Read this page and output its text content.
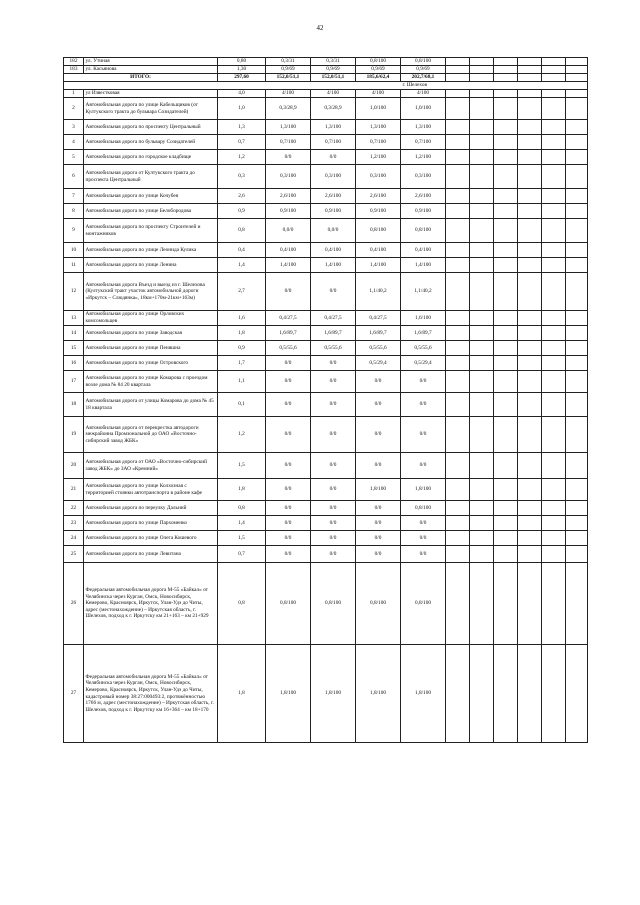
42
182	ул. Утиная	0,80	0,3/31	0,3/31	0,8/100	0,8/100						
183	ул. Касьянова	1,30	0,9/69	0,9/69	0,9/69	0,9/69						
ИТОГО:		297,60	152,0/51,1	152,0/51,1	185,6/62,4	202,7/68,1						
г. Шелехов												
1	ул Известковая	4,0	4/100	4/100	4/100	4/100						
2	Автомобильная дорога по улице Кабельщиков (от Култукского тракта до бульвара Созидателей)	1,0	0,3/28,9	0,3/28,9	1,0/100	1,0/100						
3	Автомобильная дорога по проспекту Центральный	1,3	1,3/100	1,3/100	1,3/100	1,3/100						
4	Автомобильная дорога по бульвару Созидателей	0,7	0,7/100	0,7/100	0,7/100	0,7/100						
5	Автомобильная дорога по городское кладбище	1,2	0/0	0/0	1,2/100	1,2/100						
6	Автомобильная дорога от Култукского тракта до проспекта Центральный	0,3	0,3/100	0,3/100	0,3/100	0,3/100						
7	Автомобильная дорога по улице Кочубея	2,6	2,6/100	2,6/100	2,6/100	2,6/100						
8	Автомобильная дорога по улице Белобородова	0,9	0,9/100	0,9/100	0,9/100	0,9/100						
9	Автомобильная дорога по проспекту Строителей и монтажников	0,8	0,0/0	0,0/0	0,8/100	0,8/100						
10	Автомобильная дорога по улице Леонида Кулика	0,4	0,4/100	0,4/100	0,4/100	0,4/100						
11	Автомобильная дорога по улице Ленина	1,4	1,4/100	1,4/100	1,4/100	1,4/100						
12	Автомобильная дорога Въезд и выезд из г. Шелехова (Култукский тракт участок автомобильной дороги «Иркутск – Слюдянка», 18км+170м-21км+163м)	2,7	0/0	0/0	1,1/40,2	1,1/40,2						
13	Автомобильная дорога по улице Орловских комсомольцев	1,6	0,4/27,5	0,4/27,5	0,4/27,5	1,6/100						
14	Автомобильная дорога по улице Заводская	1,8	1,6/89,7	1,6/89,7	1,6/89,7	1,6/89,7						
15	Автомобильная дорога по улице Пеняшна	0,9	0,5/55,6	0,5/55,6	0,5/55,6	0,5/55,6						
16	Автомобильная дорога по улице Островского	1,7	0/0	0/0	0,5/29,4	0,5/29,4						
17	Автомобильная дорога по улице Комарова с проездом возле дома № 84 20 квартала	1,1	0/0	0/0	0/0	0/0						
18	Автомобильная дорога от улицы Комарова до дома № 45 18 квартала	0,1	0/0	0/0	0/0	0/0						
19	Автомобильная дорога от перекрестка автодороги межрайонна Промзональной до ОАО «Восточно-сибирский завод ЖБК»	1,2	0/0	0/0	0/0	0/0						
20	Автомобильная дорога от ОАО «Восточно-сибирский завод ЖБК» до ЗАО «Кремний»	1,5	0/0	0/0	0/0	0/0						
21	Автомобильная дорога по улице Колхозная с территорией стоянки автотранспорта в районе кафе	1,8	0/0	0/0	1,8/100	1,8/100						
22	Автомобильная дорога по переулку Дальний	0,8	0/0	0/0	0/0	0,8/100						
23	Автомобильная дорога по улице Пархоменко	1,4	0/0	0/0	0/0	0/0						
24	Автомобильная дорога по улице Олега Кошевого	1,5	0/0	0/0	0/0	0/0						
25	Автомобильная дорога по улице Левитана	0,7	0/0	0/0	0/0	0/0						
26	Федеральная автомобильная дорога М-55 «Байкал» от Челябинска через Курган, Омск, Новосибирск, Кемерово, Красноярск, Иркутск, Улан-Удэ до Читы, адрес (местонахождение) – Иркутская область, г. Шелехов, подход к г. Иркутску км 21+163 – км 21+929	0,8	0,8/100	0,8/100	0,8/100	0,8/100						
27	Федеральная автомобильная дорога М-55 «Байкал» от Челябинска через Курган, Омск, Новосибирск, Кемерово, Красноярск, Иркутск, Улан-Удэ до Читы, кадастровый номер 38:27:000493:2, протяжённостью 1766 м, адрес (местонахождение) – Иркутская область, г. Шелехов, подход к г. Иркутску км 16+364 – км 18+170	1,8	1,8/100	1,8/100	1,8/100	1,8/100						
